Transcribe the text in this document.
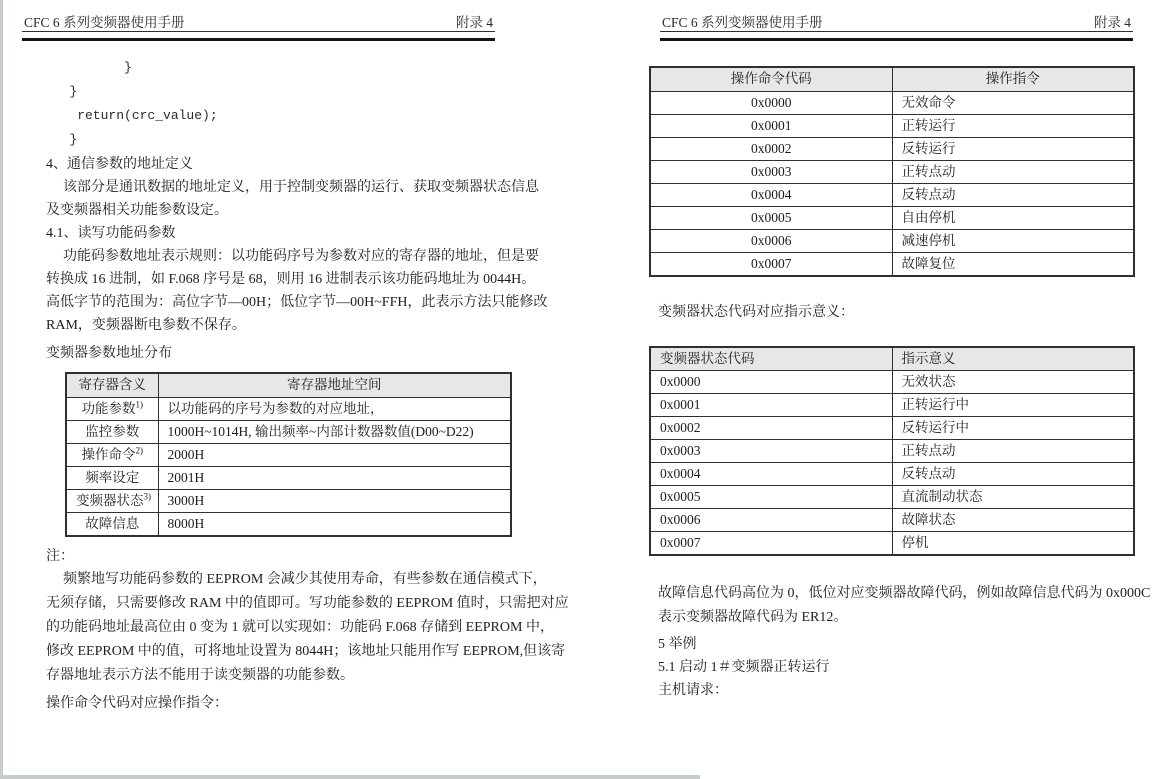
CFC 6 系列变频器使用手册	附录 4
}
}
return(crc_value);
}
4、通信参数的地址定义
该部分是通讯数据的地址定义，用于控制变频器的运行、获取变频器状态信息
及变频器相关功能参数设定。
4.1、读写功能码参数
功能码参数地址表示规则：以功能码序号为参数对应的寄存器的地址，但是要
转换成 16 进制，如 F.068 序号是 68，则用 16 进制表示该功能码地址为 0044H。
高低字节的范围为：高位字节—00H；低位字节—00H~FFH，此表示方法只能修改
RAM，变频器断电参数不保存。
变频器参数地址分布
寄存器含义	寄存器地址空间
功能参数$^{1)}$	以功能码的序号为参数的对应地址，
监控参数	1000H~1014H, 输出频率~内部计数器数值(D00~D22)
操作命令$^{2)}$	2000H
频率设定	2001H
变频器状态$^{3)}$	3000H
故障信息	8000H
注：
频繁地写功能码参数的 EEPROM 会减少其使用寿命，有些参数在通信模式下，
无须存储，只需要修改 RAM 中的值即可。写功能参数的 EEPROM 值时，只需把对应
的功能码地址最高位由 0 变为 1 就可以实现如：功能码 F.068 存储到 EEPROM 中，
修改 EEPROM 中的值，可将地址设置为 8044H；该地址只能用作写 EEPROM,但该寄
存器地址表示方法不能用于读变频器的功能参数。
操作命令代码对应操作指令：
CFC 6 系列变频器使用手册	附录 4
操作命令代码	操作指令
0x0000	无效命令
0x0001	正转运行
0x0002	反转运行
0x0003	正转点动
0x0004	反转点动
0x0005	自由停机
0x0006	减速停机
0x0007	故障复位
变频器状态代码对应指示意义：
变频器状态代码	指示意义
0x0000	无效状态
0x0001	正转运行中
0x0002	反转运行中
0x0003	正转点动
0x0004	反转点动
0x0005	直流制动状态
0x0006	故障状态
0x0007	停机
故障信息代码高位为 0，低位对应变频器故障代码，例如故障信息代码为 0x000C
表示变频器故障代码为 ER12。
5 举例
5.1 启动 1＃变频器正转运行
主机请求：
